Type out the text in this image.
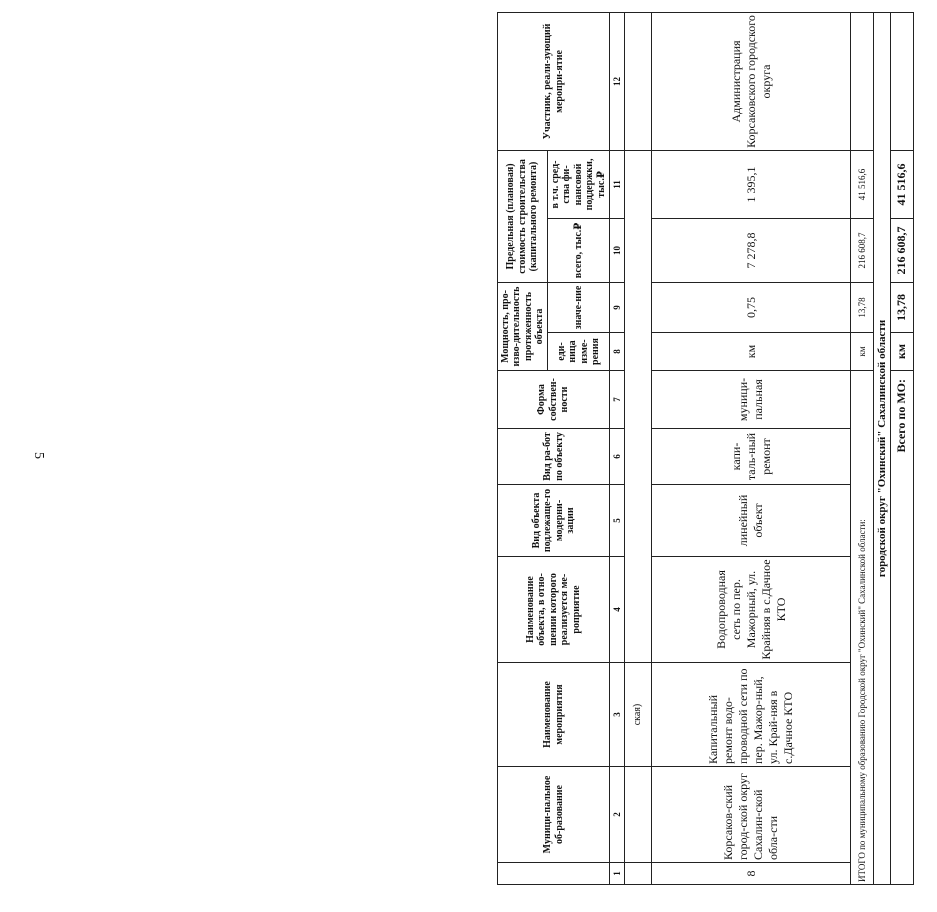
5
	Муници-пальное об-разование	Наименование мероприятия	Наименование объекта, в отно-шении которого реализуется ме-роприятие	Вид объекта подлежаще-го модерни-зации	Вид ра-бот по объекту	Форма собствен-ности	Мощность, про-изво-дительность протяженность объекта		Предельная (плановая) стоимость строительства (капитального ремонта)		Участник, реали-зующий меропри-ятие
							еди-ница изме-рения	значе-ние	всего, тыс.₽	в т.ч. сред-ства фи-нансовой поддержки, тыс.₽	
1	2	3	4	5	6	7	8	9	10	11	12
		ская)									
8	Корсаков-ский город-ской округ Сахалин-ской обла-сти	Капитальный ремонт водо-проводной сети по пер. Мажор-ный, ул. Край-няя в с.Дачное КТО	Водопроводная сеть по пер. Мажорный, ул. Крайняя в с.Дачное КТО	линейный объект	капи-таль-ный ремонт	муници-пальная	км	0,75	7 278,8	1 395,1	Администрация Корсаковского городского округа
ИТОГО по муниципальному образованию Городской округ "Охинский" Сахалинской области:							км	13,78	216 608,7	41 516,6	
городской округ "Охинский" Сахалинской области											
Всего по МО:							км	13,78	216 608,7	41 516,6	
